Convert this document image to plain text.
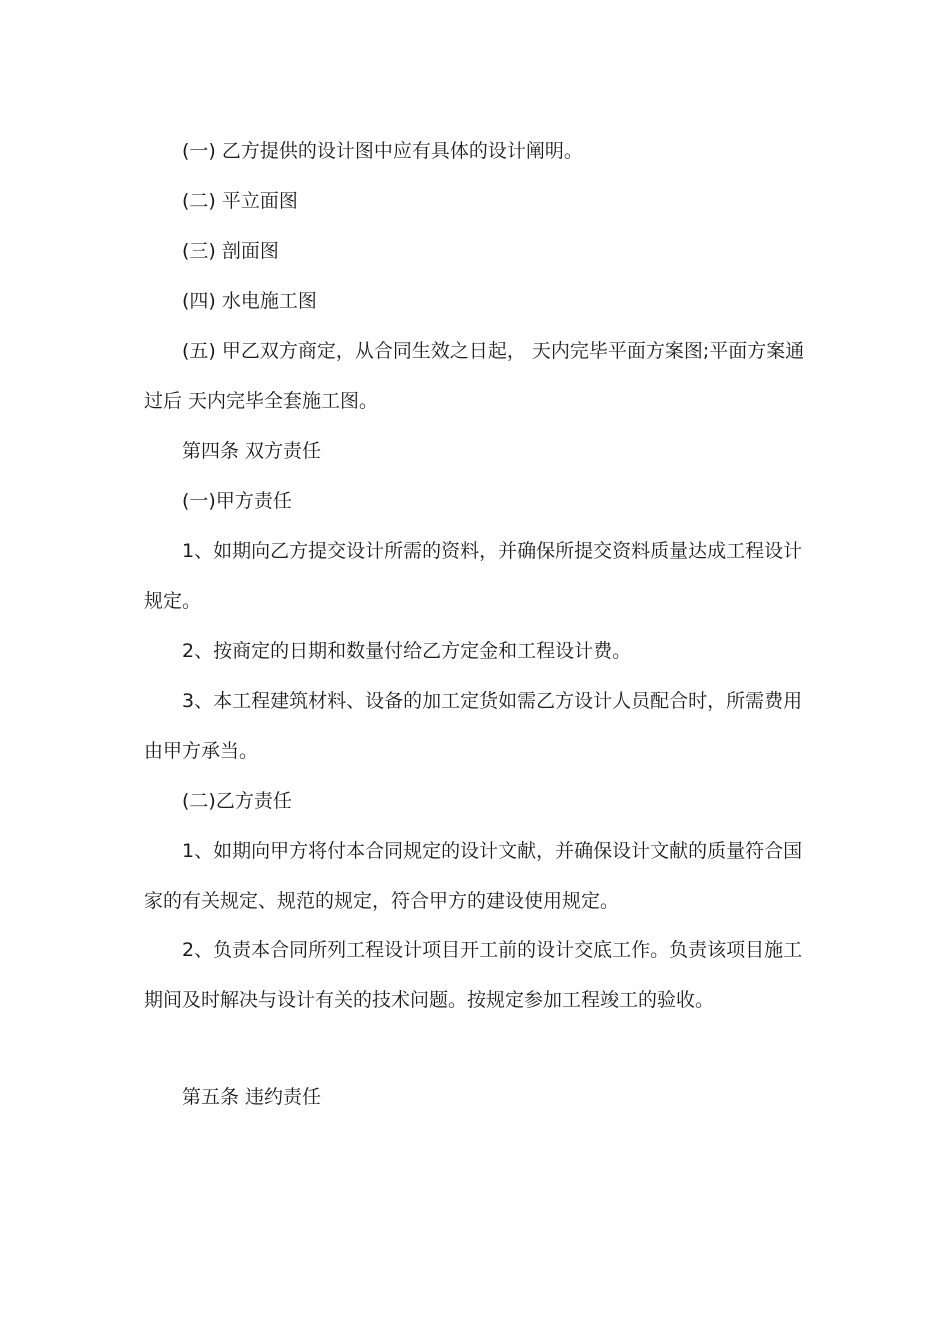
(一) 乙方提供的设计图中应有具体的设计阐明。
(二) 平立面图
(三) 剖面图
(四) 水电施工图
(五) 甲乙双方商定，从合同生效之日起， 天内完毕平面方案图;平面方案通
过后 天内完毕全套施工图。
第四条 双方责任
(一)甲方责任
1、如期向乙方提交设计所需的资料，并确保所提交资料质量达成工程设计
规定。
2、按商定的日期和数量付给乙方定金和工程设计费。
3、本工程建筑材料、设备的加工定货如需乙方设计人员配合时，所需费用
由甲方承当。
(二)乙方责任
1、如期向甲方将付本合同规定的设计文献，并确保设计文献的质量符合国
家的有关规定、规范的规定，符合甲方的建设使用规定。
2、负责本合同所列工程设计项目开工前的设计交底工作。负责该项目施工
期间及时解决与设计有关的技术问题。按规定参加工程竣工的验收。
第五条 违约责任
